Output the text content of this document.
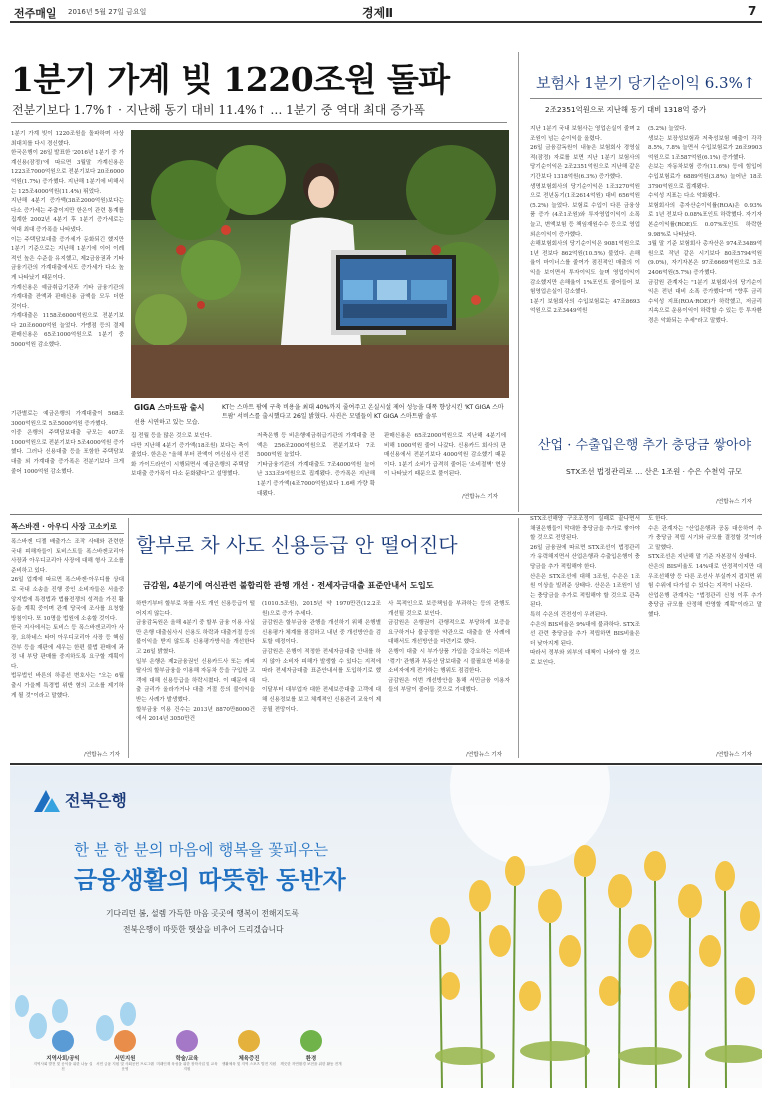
전주매일 2016년 5월 27일 금요일	경제Ⅱ	7
1분기 가계 빚 1220조원 돌파
전분기보다 1.7%↑ · 지난해 동기 대비 11.4%↑ … 1분기 중 역대 최대 증가폭
1분기 가계 빚이 1220조원을 돌파하며 사상 최대치를 다시 경신했다.
한국은행이 26일 발표한 '2016년 1분기 중 가계신용(잠정)'에 따르면 3월말 가계신용은 1223조7000억원으로 전분기보다 20조6000억원(1.7%) 증가했다. 지난해 1분기에 비해서는 125조4000억원(11.4%) 뛰었다.
지난해 4분기 증가액(38조2000억원)보다는 다소 증가세는 주춤이지만 한은이 관련 통계를 집계한 2002년 4분기 후 1분기 증가세로는 역대 최대 증가폭을 나타냈다.
이는 주택담보대출 증가세가 둔화되긴 했지만 1분기 기준으로는 지난해 1분기에 이어 이례적인 높은 수준을 유지했고, 제2금융권과 기타금융기관의 가계대출에서도 증가세가 다소 높게 나타났기 때문이다.
가계신용은 예금취급기관과 기타 금융기관의 가계대출 잔액과 판매신용 금액을 모두 더한 것이다.
가계대출은 1158조6000억원으로 전분기보다 20조6000억원 늘었다. 가맹점 등의 결제 판매신용은 65조1000억원으로 1분기 중 5000억원 감소했다.
GIGA 스마트팜 출시
선용 시연하고 있는 모습.
KT는 스마트 팜에 구축 비용을 최대 40%까지 줄여주고 온실시설 제어 성능을 대폭 향상시킨 'KT GIGA 스마트팜' 서비스를 출시했다고 26일 밝혔다. 사진은 모델들이 KT GIGA 스마트팜 솔루
기관별로는 예금은행의 가계대출이 568조3000억원으로 5조5000억원 증가했다.
이중 은행의 주택담보대출 규모는 407조1000억원으로 전분기보다 5조4000억원 증가했다. 그러나 신용대출 등을 포함한 주택담보대출 외 가계대출 증가폭은 전분기보다 크게 줄어 1000억원 감소했다.
집 전월 등을 많은 것으로 보인다.
다만 지난해 4분기 증가액(18조원) 보다는 축이 줄었다. 한은은 "올해 부터 잔액이 여신심사 선진화 가이드라인이 시행되면서 예금은행의 주택담보대출 증가폭이 다소 둔화됐다"고 설명했다.
저축은행 등 비은행예금취급기관의 가계대출 잔액은 256조2000억원으로 전분기보다 7조5000억원 늘었다.
기타금융기관의 가계대출도 7조4000억원 늘어난 333조9억원으로 집계됐다. 증가폭은 지난해 1분기 증가액(4조7000억원)보다 1.6배 가량 확대됐다.
판매신용은 65조2000억원으로 지난해 4분기에 비해 1000억원 줄어 나갔다. 신용카드 회사의 판매신용에서 전분기보다 4000억원 감소했기 때문이다. 1분기 소비가 급격히 줄어든 '소비절벽' 현상이 나타났기 때문으로 풀이된다.
/연합뉴스 기자
보험사 1분기 당기순이익 6.3%↑
2조2351억원으로 지난해 동기 대비 1318억 증가
지난 1분기 국내 보험사는 영업손실이 줄며 2조원이 넘는 순이익을 올렸다.
26일 금융감독원이 내놓은 보험회사 경영실적(잠정) 자료를 보면 지난 1분기 보험사의 당기순이익은 2조2351억원으로 지난해 같은 기간보다 1318억원(6.3%) 증가했다.
생명보험회사의 당기순이익은 1조3270억원으로 전년동기(1조2614억원) 대비 656억원(5.2%) 늘었다. 보험료 수입이 다른 금융상품 증가 (4조1조원)와 투자영업이익이 소폭 늘고, 변액보험 등 책임재원수수 등으로 영업외손이익이 증가했다.
손해보험회사의 당기순이익은 9081억원으로 1년 전보다 862억원(10.5%) 불었다. 손해율이 마이너스를 줄여가 점진적인 매출의 이익을 보이면서 투자이익도 늘며 영업이익이 감소했지만 손해율이 1%포인트 줄어들어 보험영업손실이 감소했다.
1분기 보험회사의 수입보험료는 47조8693억원으로 2조3449억원
(5.2%) 늘었다.
생보는 보장성보험과 저축성보험 매출이 각각 8.5%, 7.8% 늘면서 수입보험료가 26조9903억원으로 1조587억원(6.1%) 증가했다.
손보는 자동차보험 증가(11.6%) 등에 힘입어 수입보험료가 6889억원(3.8%) 늘어난 18조3790억원으로 집계됐다.
수익성 지표는 다소 악화됐다.
보험회사의 총자산순이익률(ROA)은 0.93%로 1년 전보다 0.08%포인트 하락했다. 자기자본순이익률(ROE)도 0.07%포인트 하락한 9.98%로 나타났다.
3월 말 기준 보험회사 총자산은 974조3489억원으로 작년 같은 시기보다 80조5794억원(9.0%), 자기자본은 97조6669억원으로 5조2406억원(5.7%) 증가했다.
금감원 관계자는 "1분기 보험회사의 당기순이익은 전년 대비 소폭 증가했다"며 "향후 금리 수익성 지표(ROA·ROE)가 하락했고, 저금리 지속으로 운용이익이 하락할 수 있는 등 투자환경은 악화되는 추세"라고 말했다.
/연합뉴스 기자
산업 · 수출입은행 추가 충당금 쌓아야
STX조선 법정관리로 … 산은 1조원 · 수은 수천억 규모
STX조선해양 구조조정이 실패로 끝나면서 채권은행들이 막대한 충당금을 추가로 쌓아야 할 것으로 전망된다.
26일 금융권에 따르면 STX조선이 법정관리가 유력해지면서 산업은행과 수출입은행이 충당금을 추가 적립해야 한다.
산은은 STX조선에 대해 3조원, 수은은 1조원 이상을 빌려준 상태다. 산은은 1조원이 넘는 충당금을 추가로 적립해야 할 것으로 관측된다.
특히 수은의 건전성이 우려된다.
수은의 BIS비율은 9%대에 불과하다. STX조선 관련 충당금을 추가 적립하면 BIS비율은 더 낮아지게 된다.
따라서 정부와 외부의 대책이 나와야 할 것으로 보인다.
도 한다.
수은 관계자는 "산업은행과 공동 대응하여 추가 충당금 적립 시기와 규모를 결정할 것"이라고 말했다.
STX조선은 지난해 말 기준 자본잠식 상태다.
산은의 BIS비율도 14%대로 안정적이지만 대우조선해양 등 다른 조선사 부실까지 겹치면 위험 수위에 다가설 수 있다는 지적이 나온다.
산업은행 관계자는 "법정관리 신청 이후 추가 충당금 규모를 산정해 반영할 계획"이라고 말했다.
/연합뉴스 기자
폭스바겐 · 아우디 사장 고소키로
폭스바겐 디젤 배출가스 조작 사태와 관련한 국내 피해자들이 토비스트들 폭스바겐코리아 사장과 아우디코리아 사장에 대해 형사 고소를 준비하고 있다.
26일 업계에 따르면 폭스바겐·아우디를 상대로 국내 소송을 진행 중인 소비자들은 서울중앙지법에 특경법과 법률전쟁의 성격을 가진 활동을 계획 중이며 관계 당국에 조사를 요청할 방침이다. 또 10명을 법원에 소송할 것이다.
한국 지사에서는 토비스 등 폭스바겐코리아 사장, 요하네스 타머 아우디코리아 사장 등 핵심 간부 등을 재판에 세우는 한편 불법 판매에 과정 내 부당 판매를 중지하도록 요구할 계획이다.
법무법인 바른의 하종선 변호사는 "오는 6월 출시 가을께 특경법 위반 혐의 고소를 제기하게 될 것"이라고 말했다.
/연합뉴스 기자
할부로 차 사도 신용등급 안 떨어진다
금감원, 4분기에 여신관련 불합리한 관행 개선 · 전세자금대출 표준안내서 도입도
하반기부터 할부로 차를 사도 개인 신용등급이 떨어지지 않는다.
금융감독원은 올해 4분기 중 할부 금융 이용 사실만 은행 대출심사시 신용도 하락과 대출거절 등의 불이익을 받지 않도록 신용평가방식을 개선한다고 26일 밝혔다.
일부 은행은 제2금융권인 신용카드사 또는 캐피탈사의 할부금융을 이용해 자동차 등을 구입한 고객에 대해 신용등급을 하락시켰다. 이 때문에 대출 금리가 올라가거나 대출 거절 등의 불이익을 받는 사례가 발생했다.
할부금융 이용 건수는 2013년 8870만8000건에서 2014년 3050만건
(1010.5조원), 2015년 약 1970만건(12.2조원)으로 증가 추세다.
금감원은 할부금융 관행을 개선하기 위해 은행별 신용평가 체계를 점검하고 내년 중 개선방안을 검토할 예정이다.
금감원은 은행이 적정한 전세자금대출 안내를 하지 않아 소비자 피해가 발생할 수 있다는 지적에 따라 전세자금대출 표준안내서를 도입하기로 했다.
이달부터 대부업자 대한 전세보증대출 고객에 대해 신용정보를 보고 체계적인 신용관리 교육이 제공될 전망이다.
사 목적인으로 보증책임을 부과하는 등의 관행도 개선될 것으로 보인다.
금감원은 은행권이 관행적으로 부당하게 보증을 요구하거나 불공정한 약관으로 대출을 한 사례에 대해서도 개선방안을 마련키로 했다.
은행이 대출 시 부가상품 가입을 강요하는 이른바 '꺾기' 관행과 부동산 담보대출 시 불필요한 비용을 소비자에게 전가하는 행위도 점검한다.
금감원은 이번 개선방안을 통해 서민금융 이용자들의 부담이 줄어들 것으로 기대했다.
/연합뉴스 기자
전북은행
한 분 한 분의 마음에 행복을 꽃피우는
금융생활의 따뜻한 동반자
기다리던 봄, 설렘 가득한 마음 곳곳에 행복이 전해지도록
전북은행이 따뜻한 햇살을 비추어 드리겠습니다
지역사회/공익
지역사회 발전 및 공익을 위한 나눔 실천
서민지원
서민 금융 지원 및 사회공헌 프로그램 운영
학술/교육
미래인재 육성을 위한 장학사업 및 교육 지원
체육증진
생활체육 및 지역 스포츠 발전 지원
환경
깨끗한 자연환경 보전을 위한 활동 전개
